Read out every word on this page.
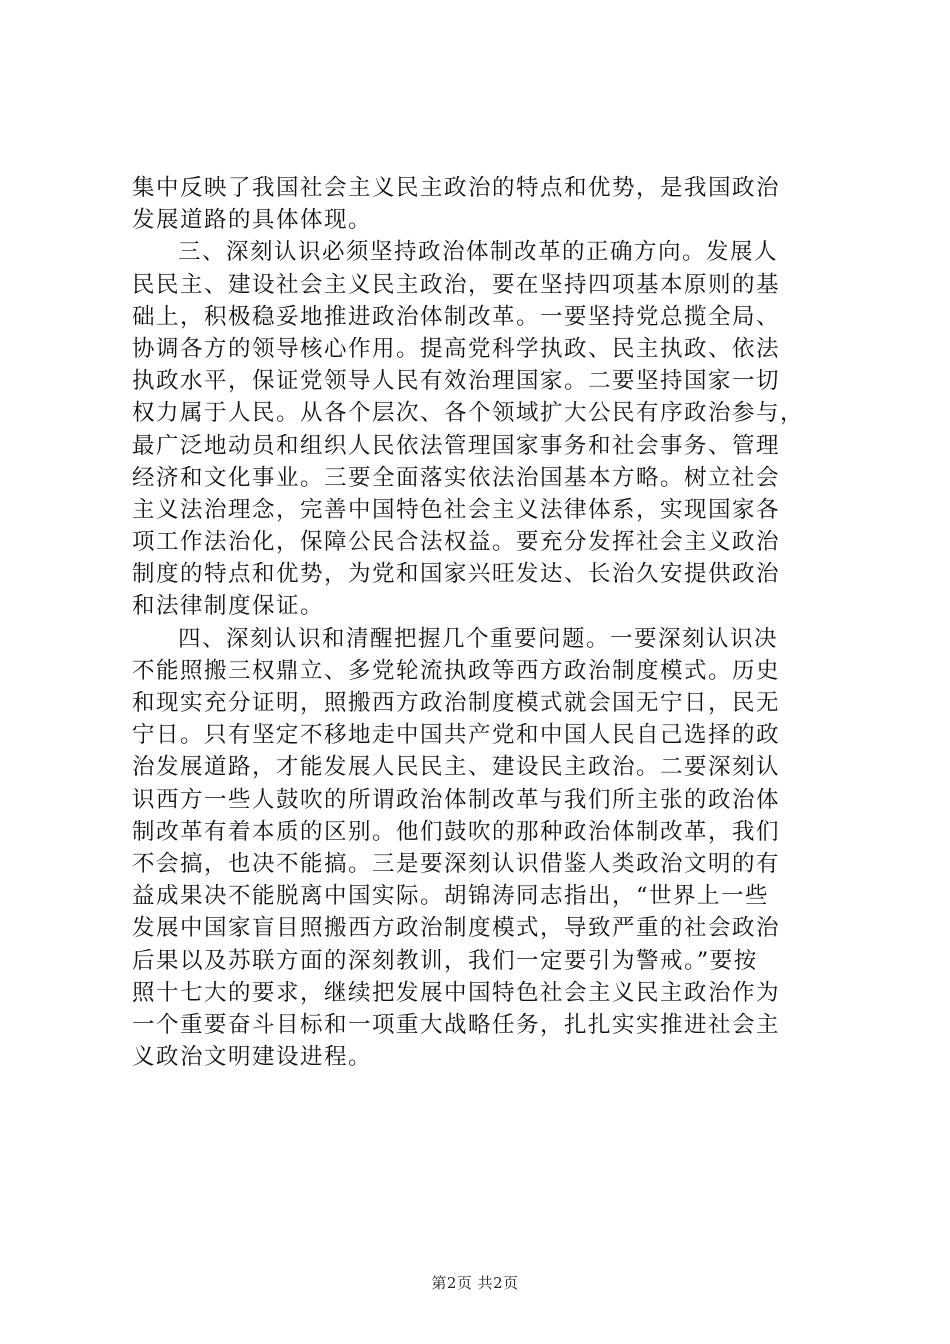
集中反映了我国社会主义民主政治的特点和优势，是我国政治
发展道路的具体体现。
三、深刻认识必须坚持政治体制改革的正确方向。发展人
民民主、建设社会主义民主政治，要在坚持四项基本原则的基
础上，积极稳妥地推进政治体制改革。一要坚持党总揽全局、
协调各方的领导核心作用。提高党科学执政、民主执政、依法
执政水平，保证党领导人民有效治理国家。二要坚持国家一切
权力属于人民。从各个层次、各个领域扩大公民有序政治参与，
最广泛地动员和组织人民依法管理国家事务和社会事务、管理
经济和文化事业。三要全面落实依法治国基本方略。树立社会
主义法治理念，完善中国特色社会主义法律体系，实现国家各
项工作法治化，保障公民合法权益。要充分发挥社会主义政治
制度的特点和优势，为党和国家兴旺发达、长治久安提供政治
和法律制度保证。
四、深刻认识和清醒把握几个重要问题。一要深刻认识决
不能照搬三权鼎立、多党轮流执政等西方政治制度模式。历史
和现实充分证明，照搬西方政治制度模式就会国无宁日，民无
宁日。只有坚定不移地走中国共产党和中国人民自己选择的政
治发展道路，才能发展人民民主、建设民主政治。二要深刻认
识西方一些人鼓吹的所谓政治体制改革与我们所主张的政治体
制改革有着本质的区别。他们鼓吹的那种政治体制改革，我们
不会搞，也决不能搞。三是要深刻认识借鉴人类政治文明的有
益成果决不能脱离中国实际。胡锦涛同志指出，“世界上一些
发展中国家盲目照搬西方政治制度模式，导致严重的社会政治
后果以及苏联方面的深刻教训，我们一定要引为警戒。”要按
照十七大的要求，继续把发展中国特色社会主义民主政治作为
一个重要奋斗目标和一项重大战略任务，扎扎实实推进社会主
义政治文明建设进程。
第2页 共2页
